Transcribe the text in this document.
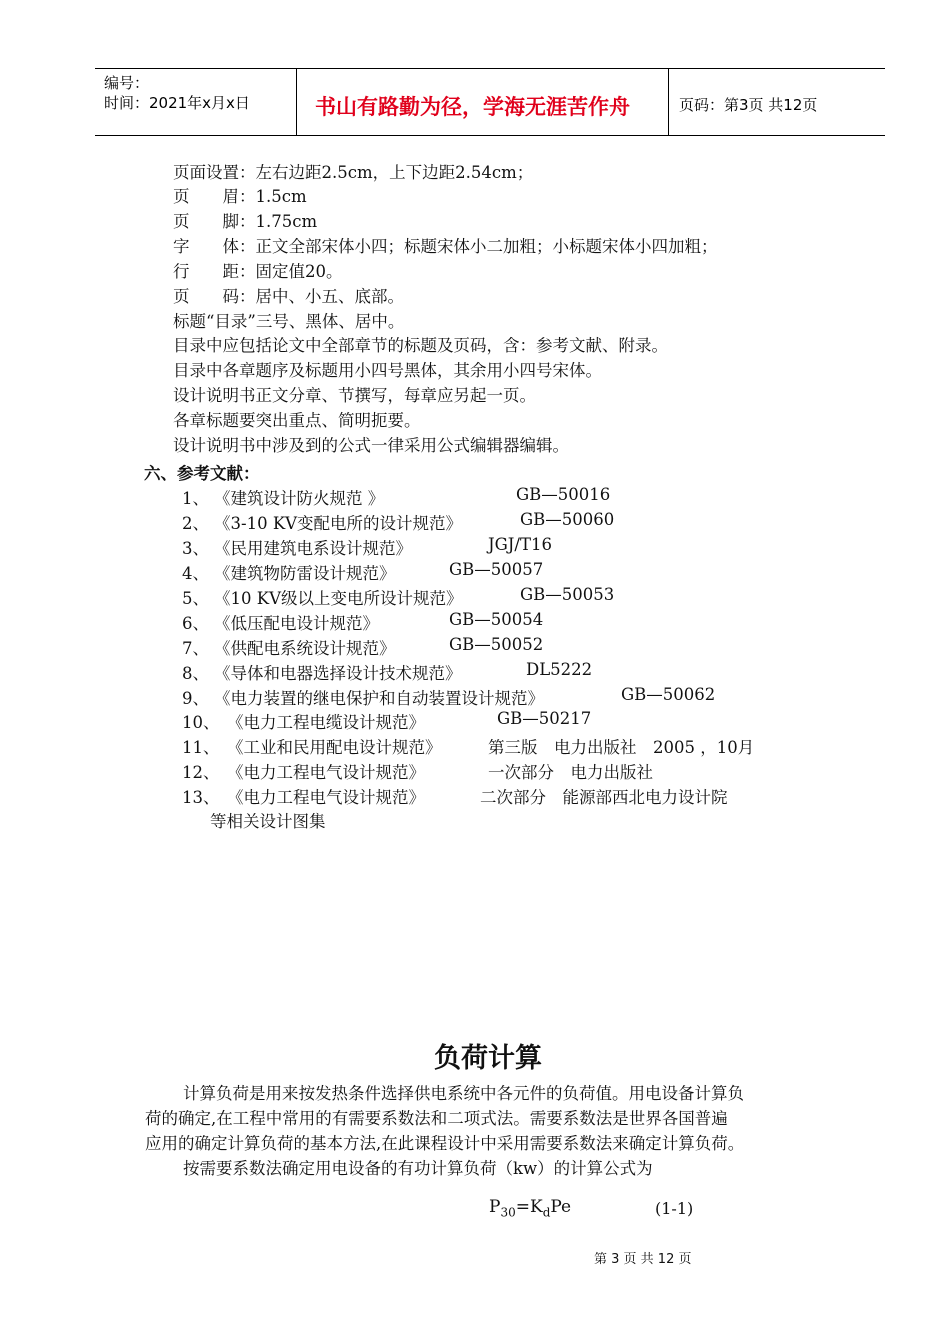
编号：
时间：2021年x月x日	书山有路勤为径，学海无涯苦作舟	页码：第3页 共12页
页面设置：左右边距2.5cm，上下边距2.54cm；
页　　眉：1.5cm
页　　脚：1.75cm
字　　体：正文全部宋体小四；标题宋体小二加粗；小标题宋体小四加粗；
行　　距：固定值20。
页　　码：居中、小五、底部。
标题“目录”三号、黑体、居中。
目录中应包括论文中全部章节的标题及页码，含：参考文献、附录。
目录中各章题序及标题用小四号黑体，其余用小四号宋体。
设计说明书正文分章、节撰写，每章应另起一页。
各章标题要突出重点、简明扼要。
设计说明书中涉及到的公式一律采用公式编辑器编辑。
六、参考文献：
1、 《建筑设计防火规范 》	GB—50016
2、 《3-10 KV变配电所的设计规范》	GB—50060
3、 《民用建筑电系设计规范》	JGJ/T16
4、 《建筑物防雷设计规范》	GB—50057
5、 《10 KV级以上变电所设计规范》	GB—50053
6、 《低压配电设计规范》	GB—50054
7、 《供配电系统设计规范》	GB—50052
8、 《导体和电器选择设计技术规范》	DL5222
9、 《电力装置的继电保护和自动装置设计规范》	GB—50062
10、 《电力工程电缆设计规范》	GB—50217
11、 《工业和民用配电设计规范》	第三版　电力出版社　2005 ，10月
12、 《电力工程电气设计规范》	一次部分　电力出版社
13、 《电力工程电气设计规范》	二次部分　能源部西北电力设计院
等相关设计图集
负荷计算
计算负荷是用来按发热条件选择供电系统中各元件的负荷值。用电设备计算负
荷的确定,在工程中常用的有需要系数法和二项式法。需要系数法是世界各国普遍
应用的确定计算负荷的基本方法,在此课程设计中采用需要系数法来确定计算负荷。
按需要系数法确定用电设备的有功计算负荷（kw）的计算公式为
$P_{30}=K_dPe$	(1-1)
第 3 页 共 12 页
